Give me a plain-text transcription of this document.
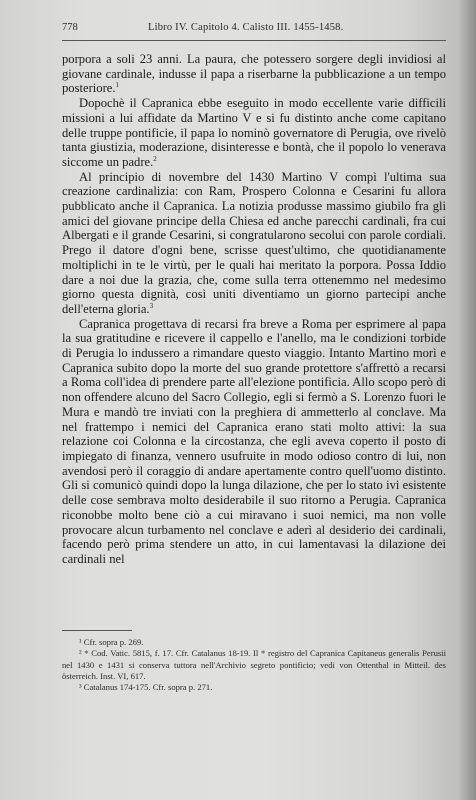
778	Libro IV. Capitolo 4. Calisto III. 1455-1458.

porpora a soli 23 anni. La paura, che potessero sorgere degli invidiosi al giovane cardinale, indusse il papa a riserbarne la pubblicazione a un tempo posteriore.$^1$

Dopochè il Capranica ebbe eseguito in modo eccellente varie difficili missioni a lui affidate da Martino V e si fu distinto anche come capitano delle truppe pontificie, il papa lo nominò governatore di Perugia, ove rivelò tanta giustizia, moderazione, disinteresse e bontà, che il popolo lo venerava siccome un padre.$^2$

Al principio di novembre del 1430 Martino V compì l'ultima sua creazione cardinalizia: con Ram, Prospero Colonna e Cesarini fu allora pubblicato anche il Capranica. La notizia produsse massimo giubilo fra gli amici del giovane principe della Chiesa ed anche parecchi cardinali, fra cui Albergati e il grande Cesarini, si congratularono secolui con parole cordiali. Prego il datore d'ogni bene, scrisse quest'ultimo, che quotidianamente moltiplichi in te le virtù, per le quali hai meritato la porpora. Possa Iddio dare a noi due la grazia, che, come sulla terra ottenemmo nel medesimo giorno questa dignità, così uniti diventiamo un giorno partecipi anche dell'eterna gloria.$^3$

Capranica progettava di recarsi fra breve a Roma per esprimere al papa la sua gratitudine e ricevere il cappello e l'anello, ma le condizioni torbide di Perugia lo indussero a rimandare questo viaggio. Intanto Martino morì e Capranica subito dopo la morte del suo grande protettore s'affrettò a recarsi a Roma coll'idea di prendere parte all'elezione pontificia. Allo scopo però di non offendere alcuno del Sacro Collegio, egli si fermò a S. Lorenzo fuori le Mura e mandò tre inviati con la preghiera di ammetterlo al conclave. Ma nel frattempo i nemici del Capranica erano stati molto attivi: la sua relazione coi Colonna e la circostanza, che egli aveva coperto il posto di impiegato di finanza, vennero usufruite in modo odioso contro di lui, non avendosi però il coraggio di andare apertamente contro quell'uomo distinto. Gli si comunicò quindi dopo la lunga dilazione, che per lo stato ivi esistente delle cose sembrava molto desiderabile il suo ritorno a Perugia. Capranica riconobbe molto bene ciò a cui miravano i suoi nemici, ma non volle provocare alcun turbamento nel conclave e aderì al desiderio dei cardinali, facendo però prima stendere un atto, in cui lamentavasi la dilazione dei cardinali nel

¹ Cfr. sopra p. 269.

² * Cod. Vatic. 5815, f. 17. Cfr. Catalanus 18-19. Il * registro del Capranica Capitaneus generalis Perusii nel 1430 e 1431 si conserva tuttora nell'Archivio segreto pontificio; vedi von Ottenthal in Mitteil. des österreich. Inst. VI, 617.

³ Catalanus 174-175. Cfr. sopra p. 271.
